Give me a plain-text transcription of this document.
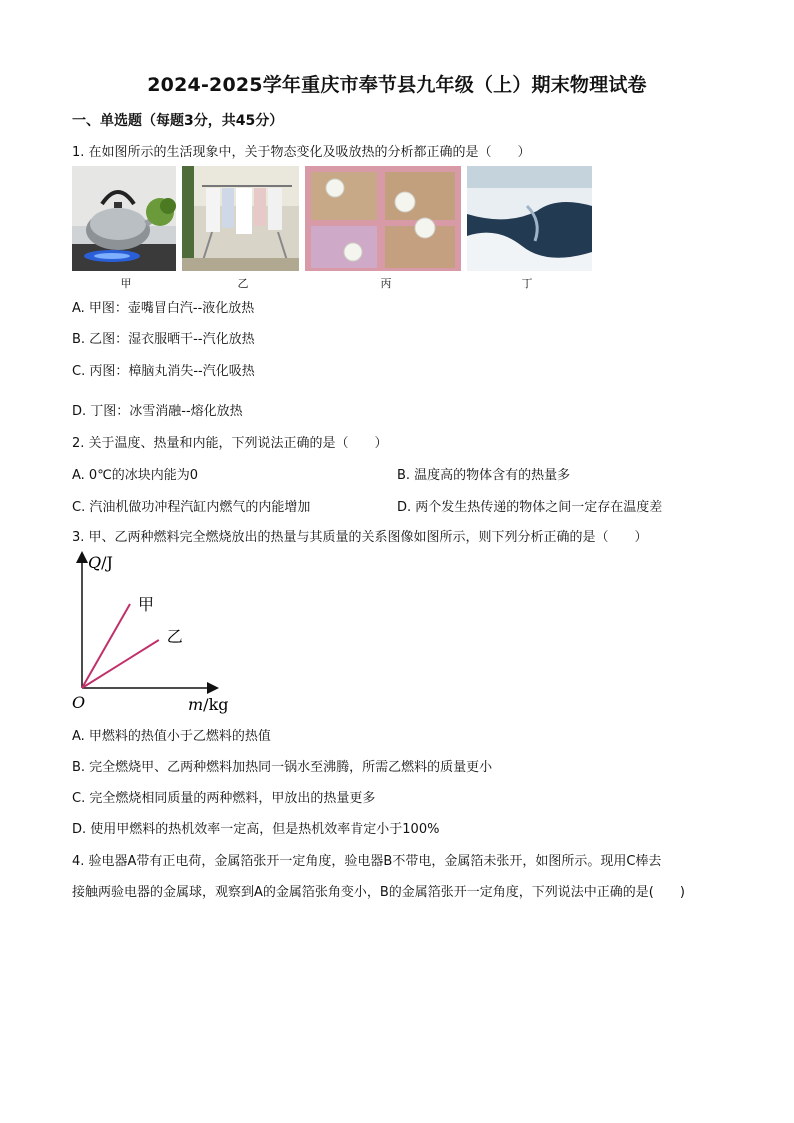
2024-2025学年重庆市奉节县九年级（上）期末物理试卷
一、单选题（每题3分，共45分）
1. 在如图所示的生活现象中，关于物态变化及吸放热的分析都正确的是（　　）
甲	乙	丙	丁
A. 甲图：壶嘴冒白汽--液化放热
B. 乙图：湿衣服晒干--汽化放热
C. 丙图：樟脑丸消失--汽化吸热
D. 丁图：冰雪消融--熔化放热
2. 关于温度、热量和内能，下列说法正确的是（　　）
A. 0℃的冰块内能为0	B. 温度高的物体含有的热量多
C. 汽油机做功冲程汽缸内燃气的内能增加	D. 两个发生热传递的物体之间一定存在温度差
3. 甲、乙两种燃料完全燃烧放出的热量与其质量的关系图像如图所示，则下列分析正确的是（　　）
Q/J
m/kg
O
甲
乙
A. 甲燃料的热值小于乙燃料的热值
B. 完全燃烧甲、乙两种燃料加热同一锅水至沸腾，所需乙燃料的质量更小
C. 完全燃烧相同质量的两种燃料，甲放出的热量更多
D. 使用甲燃料的热机效率一定高，但是热机效率肯定小于100%
4. 验电器A带有正电荷，金属箔张开一定角度，验电器B不带电，金属箔未张开，如图所示。现用C棒去
接触两验电器的金属球，观察到A的金属箔张角变小，B的金属箔张开一定角度，下列说法中正确的是(　　)
